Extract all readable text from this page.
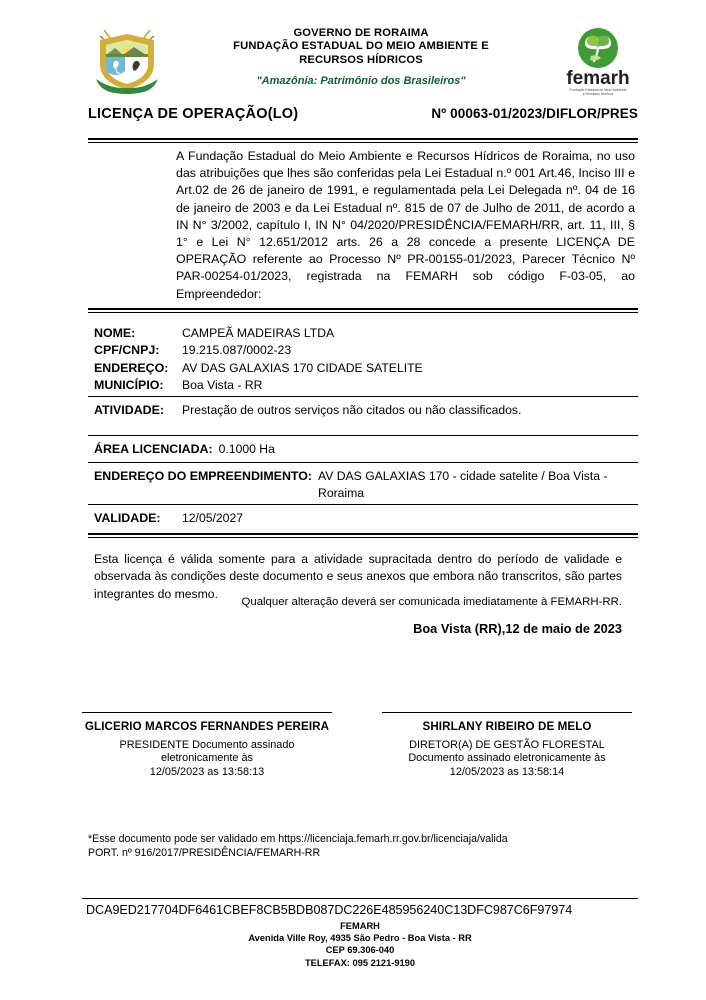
GOVERNO DE RORAIMA
FUNDAÇÃO ESTADUAL DO MEIO AMBIENTE E
RECURSOS HÍDRICOS
"Amazônia: Patrimônio dos Brasileiros"	femarh
Fundação Estadual do Meio Ambiente
e Recursos Hídricos
LICENÇA DE OPERAÇÃO(LO)	Nº 00063-01/2023/DIFLOR/PRES
A Fundação Estadual do Meio Ambiente e Recursos Hídricos de Roraima, no uso das atribuições que lhes são conferidas pela Lei Estadual n.º 001 Art.46, Inciso III e Art.02 de 26 de janeiro de 1991, e regulamentada pela Lei Delegada nº. 04 de 16 de janeiro de 2003 e da Lei Estadual nº. 815 de 07 de Julho de 2011, de acordo a IN N° 3/2002, capítulo I, IN N° 04/2020/PRESIDÊNCIA/FEMARH/RR, art. 11, III, § 1° e Lei N° 12.651/2012 arts. 26 a 28 concede a presente LICENÇA DE OPERAÇÃO referente ao Processo Nº PR-00155-01/2023, Parecer Técnico Nº PAR-00254-01/2023, registrada na FEMARH sob código F-03-05, ao Empreendedor:
NOME:	CAMPEÃ MADEIRAS LTDA
CPF/CNPJ:	19.215.087/0002-23
ENDEREÇO:	AV DAS GALAXIAS 170 CIDADE SATELITE
MUNICÍPIO:	Boa Vista - RR
ATIVIDADE:	Prestação de outros serviços não citados ou não classificados.
ÁREA LICENCIADA: 0.1000 Ha
ENDEREÇO DO EMPREENDIMENTO: AV DAS GALAXIAS 170 - cidade satelite / Boa Vista - Roraima
VALIDADE:	12/05/2027
Esta licença é válida somente para a atividade supracitada dentro do período de validade e observada às condições deste documento e seus anexos que embora não transcritos, são partes integrantes do mesmo.
Qualquer alteração deverá ser comunicada imediatamente à FEMARH-RR.
Boa Vista (RR),12 de maio de 2023
GLICERIO MARCOS FERNANDES PEREIRA
PRESIDENTE Documento assinado eletronicamente às
12/05/2023 as 13:58:13
SHIRLANY RIBEIRO DE MELO
DIRETOR(A) DE GESTÃO FLORESTAL Documento assinado eletronicamente às
12/05/2023 as 13:58:14
*Esse documento pode ser validado em https://licenciaja.femarh.rr.gov.br/licenciaja/valida
PORT. nº 916/2017/PRESIDÊNCIA/FEMARH-RR
DCA9ED217704DF6461CBEF8CB5BDB087DC226E485956240C13DFC987C6F97974
FEMARH
Avenida Ville Roy, 4935 São Pedro - Boa Vista - RR
CEP 69.306-040
TELEFAX: 095 2121-9190
